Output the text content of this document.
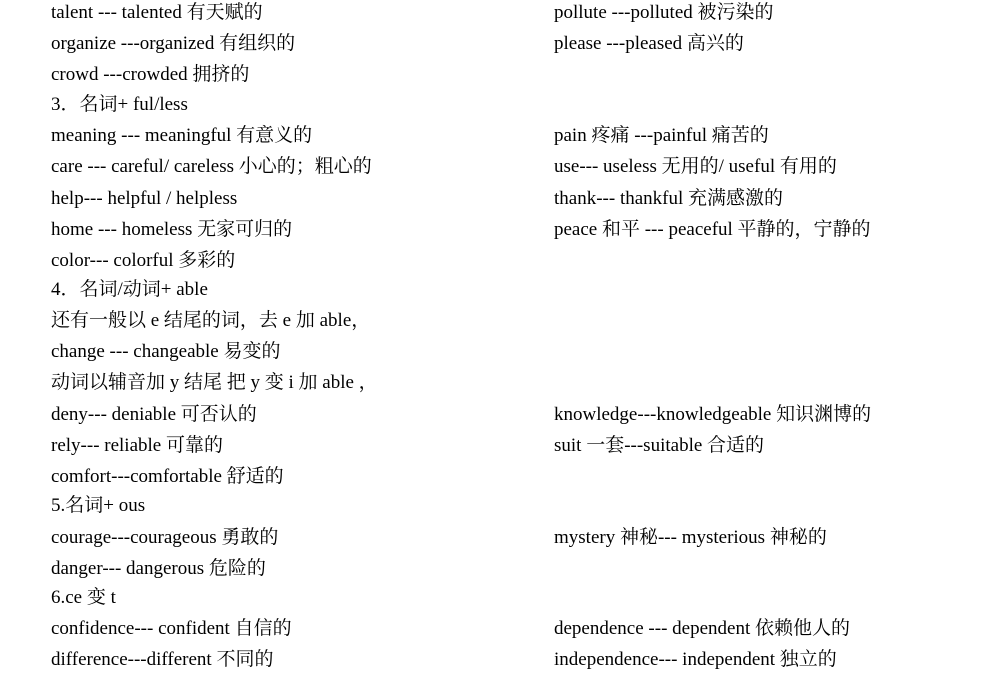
talent --- talented 有天赋的
organize ---organized 有组织的
crowd ---crowded 拥挤的
3．名词+ ful/less
meaning --- meaningful 有意义的
care --- careful/ careless 小心的；粗心的
help--- helpful / helpless
home --- homeless 无家可归的
color--- colorful 多彩的
4．名词/动词+ able
还有一般以 e 结尾的词，去 e 加 able，
change --- changeable 易变的
动词以辅音加 y 结尾 把 y 变 i 加 able ，
deny--- deniable 可否认的
rely--- reliable 可靠的
comfort---comfortable 舒适的
5.名词+ ous
courage---courageous 勇敢的
danger--- dangerous 危险的
6.ce 变 t
confidence--- confident 自信的
difference---different 不同的
pollute ---polluted 被污染的
please ---pleased 高兴的
pain 疼痛 ---painful 痛苦的
use--- useless 无用的/ useful 有用的
thank--- thankful 充满感激的
peace 和平 --- peaceful 平静的，宁静的
knowledge---knowledgeable 知识渊博的
suit 一套---suitable 合适的
mystery 神秘--- mysterious 神秘的
dependence --- dependent 依赖他人的
independence--- independent 独立的
